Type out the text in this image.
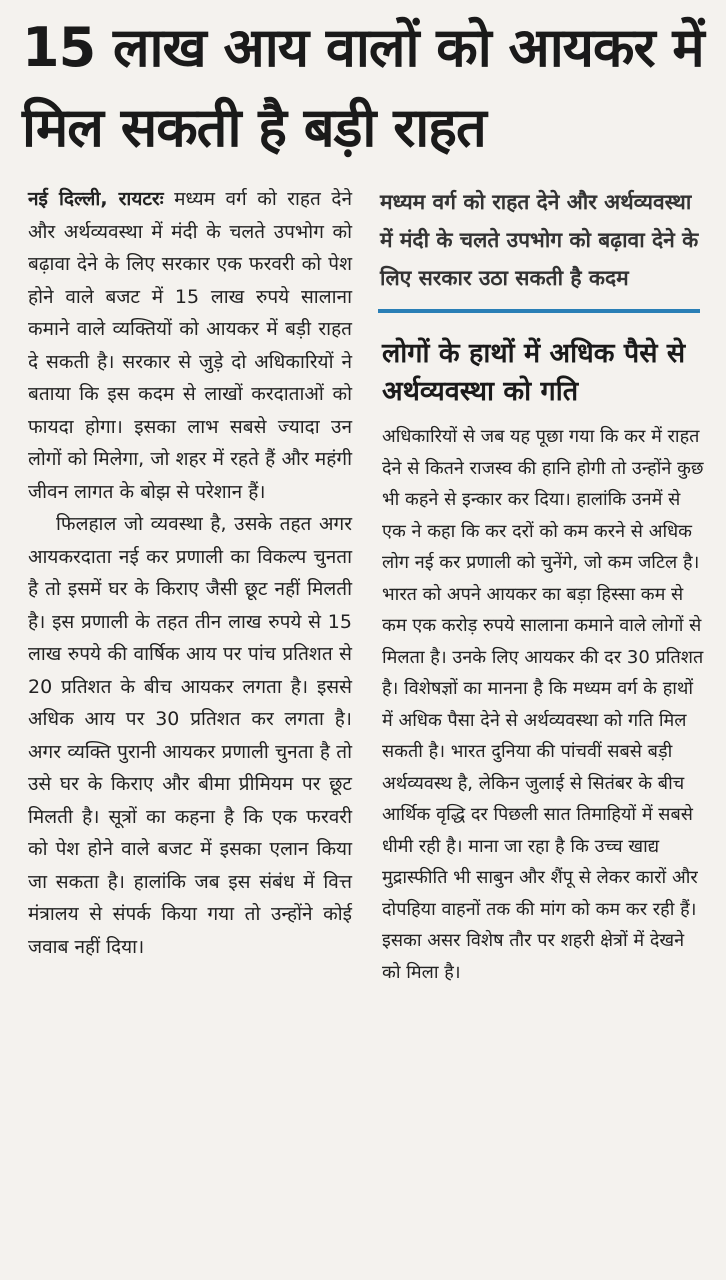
15 लाख आय वालों को आयकर में मिल सकती है बड़ी राहत

नई दिल्ली, रायटरः मध्यम वर्ग को राहत देने और अर्थव्यवस्था में मंदी के चलते उपभोग को बढ़ावा देने के लिए सरकार एक फरवरी को पेश होने वाले बजट में 15 लाख रुपये सालाना कमाने वाले व्यक्तियों को आयकर में बड़ी राहत दे सकती है। सरकार से जुड़े दो अधिकारियों ने बताया कि इस कदम से लाखों करदाताओं को फायदा होगा। इसका लाभ सबसे ज्यादा उन लोगों को मिलेगा, जो शहर में रहते हैं और महंगी जीवन लागत के बोझ से परेशान हैं।

फिलहाल जो व्यवस्था है, उसके तहत अगर आयकरदाता नई कर प्रणाली का विकल्प चुनता है तो इसमें घर के किराए जैसी छूट नहीं मिलती है। इस प्रणाली के तहत तीन लाख रुपये से 15 लाख रुपये की वार्षिक आय पर पांच प्रतिशत से 20 प्रतिशत के बीच आयकर लगता है। इससे अधिक आय पर 30 प्रतिशत कर लगता है। अगर व्यक्ति पुरानी आयकर प्रणाली चुनता है तो उसे घर के किराए और बीमा प्रीमियम पर छूट मिलती है। सूत्रों का कहना है कि एक फरवरी को पेश होने वाले बजट में इसका एलान किया जा सकता है। हालांकि जब इस संबंध में वित्त मंत्रालय से संपर्क किया गया तो उन्होंने कोई जवाब नहीं दिया।

मध्यम वर्ग को राहत देने और अर्थव्यवस्था में मंदी के चलते उपभोग को बढ़ावा देने के लिए सरकार उठा सकती है कदम
लोगों के हाथों में अधिक पैसे से अर्थव्यवस्था को गति
अधिकारियों से जब यह पूछा गया कि कर में राहत देने से कितने राजस्व की हानि होगी तो उन्होंने कुछ भी कहने से इन्कार कर दिया। हालांकि उनमें से एक ने कहा कि कर दरों को कम करने से अधिक लोग नई कर प्रणाली को चुनेंगे, जो कम जटिल है। भारत को अपने आयकर का बड़ा हिस्सा कम से कम एक करोड़ रुपये सालाना कमाने वाले लोगों से मिलता है। उनके लिए आयकर की दर 30 प्रतिशत है। विशेषज्ञों का मानना है कि मध्यम वर्ग के हाथों में अधिक पैसा देने से अर्थव्यवस्था को गति मिल सकती है। भारत दुनिया की पांचवीं सबसे बड़ी अर्थव्यवस्थ है, लेकिन जुलाई से सितंबर के बीच आर्थिक वृद्धि दर पिछली सात तिमाहियों में सबसे धीमी रही है। माना जा रहा है कि उच्च खाद्य मुद्रास्फीति भी साबुन और शैंपू से लेकर कारों और दोपहिया वाहनों तक की मांग को कम कर रही हैं। इसका असर विशेष तौर पर शहरी क्षेत्रों में देखने को मिला है।
